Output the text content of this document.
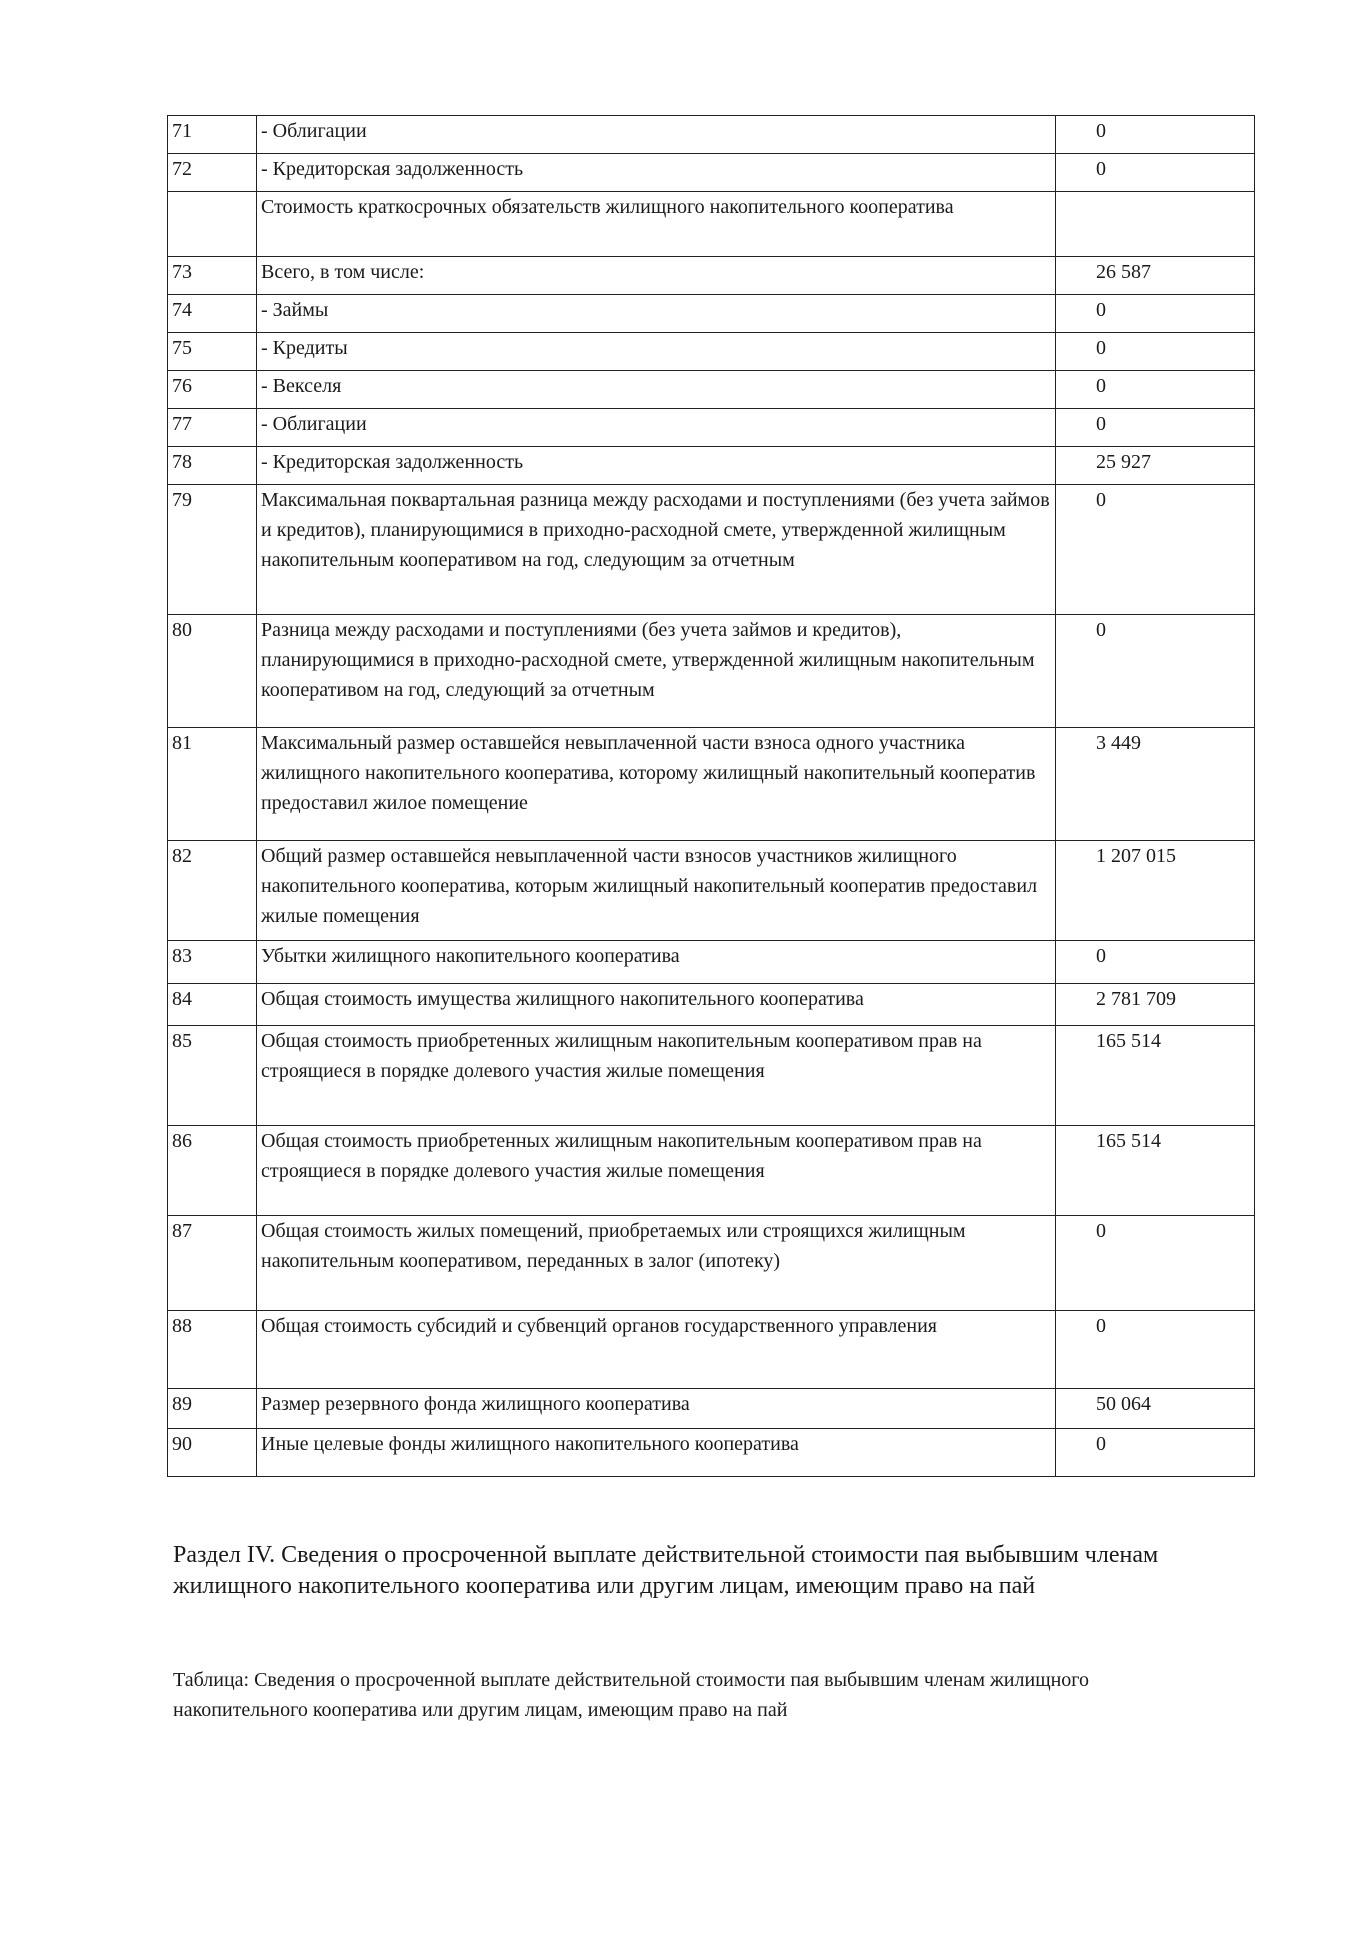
71	- Облигации	0
72	- Кредиторская задолженность	0
	Стоимость краткосрочных обязательств жилищного накопительного кооператива	
73	Всего, в том числе:	26 587
74	- Займы	0
75	- Кредиты	0
76	- Векселя	0
77	- Облигации	0
78	- Кредиторская задолженность	25 927
79	Максимальная поквартальная разница между расходами и поступлениями (без учета займов и кредитов), планирующимися в приходно-расходной смете, утвержденной жилищным накопительным кооперативом на год, следующим за отчетным	0
80	Разница между расходами и поступлениями (без учета займов и кредитов), планирующимися в приходно-расходной смете, утвержденной жилищным накопительным кооперативом на год, следующий за отчетным	0
81	Максимальный размер оставшейся невыплаченной части взноса одного участника жилищного накопительного кооператива, которому жилищный накопительный кооператив предоставил жилое помещение	3 449
82	Общий размер оставшейся невыплаченной части взносов участников жилищного накопительного кооператива, которым жилищный накопительный кооператив предоставил жилые помещения	1 207 015
83	Убытки жилищного накопительного кооператива	0
84	Общая стоимость имущества жилищного накопительного кооператива	2 781 709
85	Общая стоимость приобретенных жилищным накопительным кооперативом прав на строящиеся в порядке долевого участия жилые помещения	165 514
86	Общая стоимость приобретенных жилищным накопительным кооперативом прав на строящиеся в порядке долевого участия жилые помещения	165 514
87	Общая стоимость жилых помещений, приобретаемых или строящихся жилищным накопительным кооперативом, переданных в залог (ипотеку)	0
88	Общая стоимость субсидий и субвенций органов государственного управления	0
89	Размер резервного фонда жилищного кооператива	50 064
90	Иные целевые фонды жилищного накопительного кооператива	0
Раздел IV. Сведения о просроченной выплате действительной стоимости пая выбывшим членам жилищного накопительного кооператива или другим лицам, имеющим право на пай

Таблица: Сведения о просроченной выплате действительной стоимости пая выбывшим членам жилищного накопительного кооператива или другим лицам, имеющим право на пай
